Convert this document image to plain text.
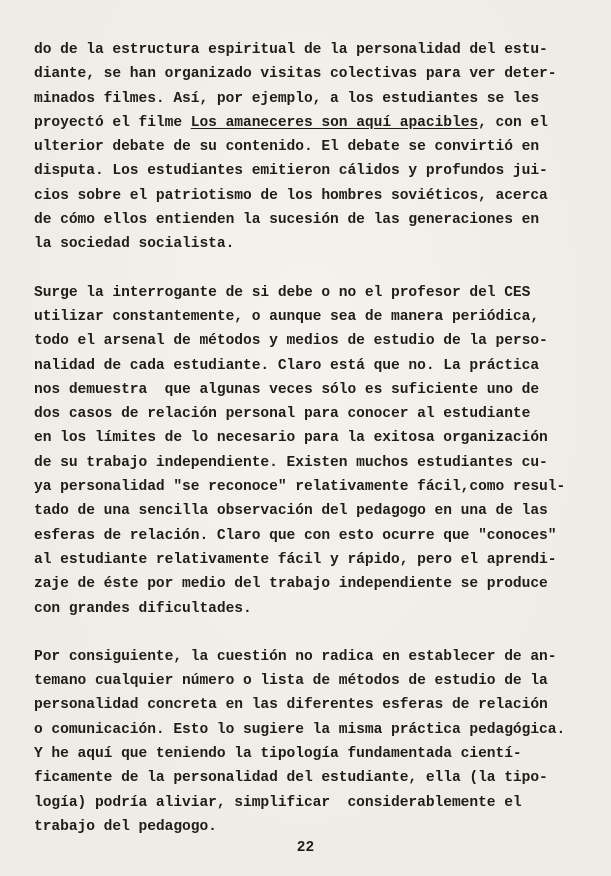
do de la estructura espiritual de la personalidad del estu-
diante, se han organizado visitas colectivas para ver deter-
minados filmes. Así, por ejemplo, a los estudiantes se les
proyectó el filme Los amaneceres son aquí apacibles, con el
ulterior debate de su contenido. El debate se convirtió en
disputa. Los estudiantes emitieron cálidos y profundos jui-
cios sobre el patriotismo de los hombres soviéticos, acerca
de cómo ellos entienden la sucesión de las generaciones en
la sociedad socialista.
Surge la interrogante de si debe o no el profesor del CES
utilizar constantemente, o aunque sea de manera periódica,
todo el arsenal de métodos y medios de estudio de la perso-
nalidad de cada estudiante. Claro está que no. La práctica
nos demuestra  que algunas veces sólo es suficiente uno de
dos casos de relación personal para conocer al estudiante
en los límites de lo necesario para la exitosa organización
de su trabajo independiente. Existen muchos estudiantes cu-
ya personalidad "se reconoce" relativamente fácil,como resul-
tado de una sencilla observación del pedagogo en una de las
esferas de relación. Claro que con esto ocurre que "conoces"
al estudiante relativamente fácil y rápido, pero el aprendi-
zaje de éste por medio del trabajo independiente se produce
con grandes dificultades.
Por consiguiente, la cuestión no radica en establecer de an-
temano cualquier número o lista de métodos de estudio de la
personalidad concreta en las diferentes esferas de relación
o comunicación. Esto lo sugiere la misma práctica pedagógica.
Y he aquí que teniendo la tipología fundamentada cientí-
ficamente de la personalidad del estudiante, ella (la tipo-
logía) podría aliviar, simplificar  considerablemente el
trabajo del pedagogo.
22
